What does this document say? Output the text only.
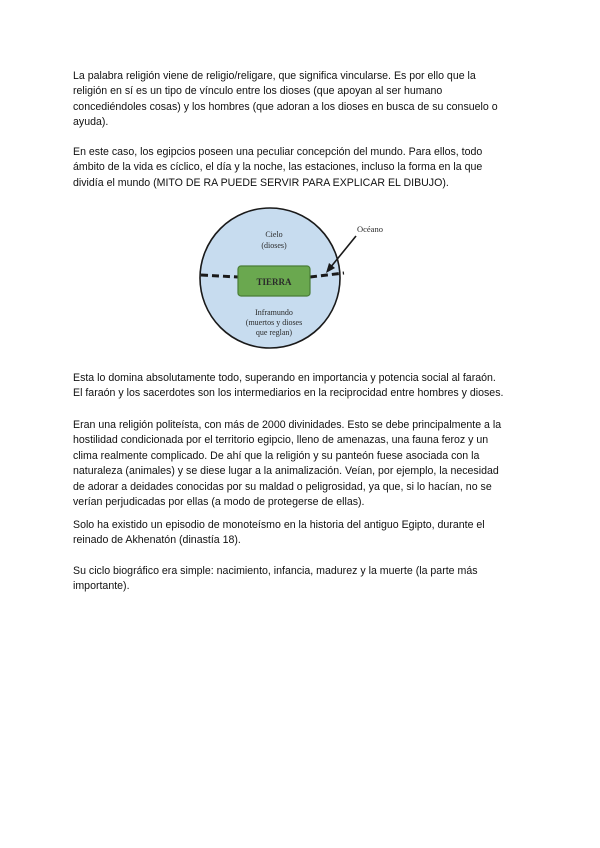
La palabra religión viene de religio/religare, que significa vincularse. Es por ello que la
religión en sí es un tipo de vínculo entre los dioses (que apoyan al ser humano
concediéndoles cosas) y los hombres (que adoran a los dioses en busca de su consuelo o
ayuda).

En este caso, los egipcios poseen una peculiar concepción del mundo. Para ellos, todo
ámbito de la vida es cíclico, el día y la noche, las estaciones, incluso la forma en la que
dividía el mundo (MITO DE RA PUEDE SERVIR PARA EXPLICAR EL DIBUJO).

TIERRA
Cielo
(dioses)
Inframundo
(muertos y dioses
que reglan)
Océano

Esta lo domina absolutamente todo, superando en importancia y potencia social al faraón.
El faraón y los sacerdotes son los intermediarios en la reciprocidad entre hombres y dioses.

Eran una religión politeísta, con más de 2000 divinidades. Esto se debe principalmente a la
hostilidad condicionada por el territorio egipcio, lleno de amenazas, una fauna feroz y un
clima realmente complicado. De ahí que la religión y su panteón fuese asociada con la
naturaleza (animales) y se diese lugar a la animalización. Veían, por ejemplo, la necesidad
de adorar a deidades conocidas por su maldad o peligrosidad, ya que, si lo hacían, no se
verían perjudicadas por ellas (a modo de protegerse de ellas).

Solo ha existido un episodio de monoteísmo en la historia del antiguo Egipto, durante el
reinado de Akhenatón (dinastía 18).

Su ciclo biográfico era simple: nacimiento, infancia, madurez y la muerte (la parte más
importante).
